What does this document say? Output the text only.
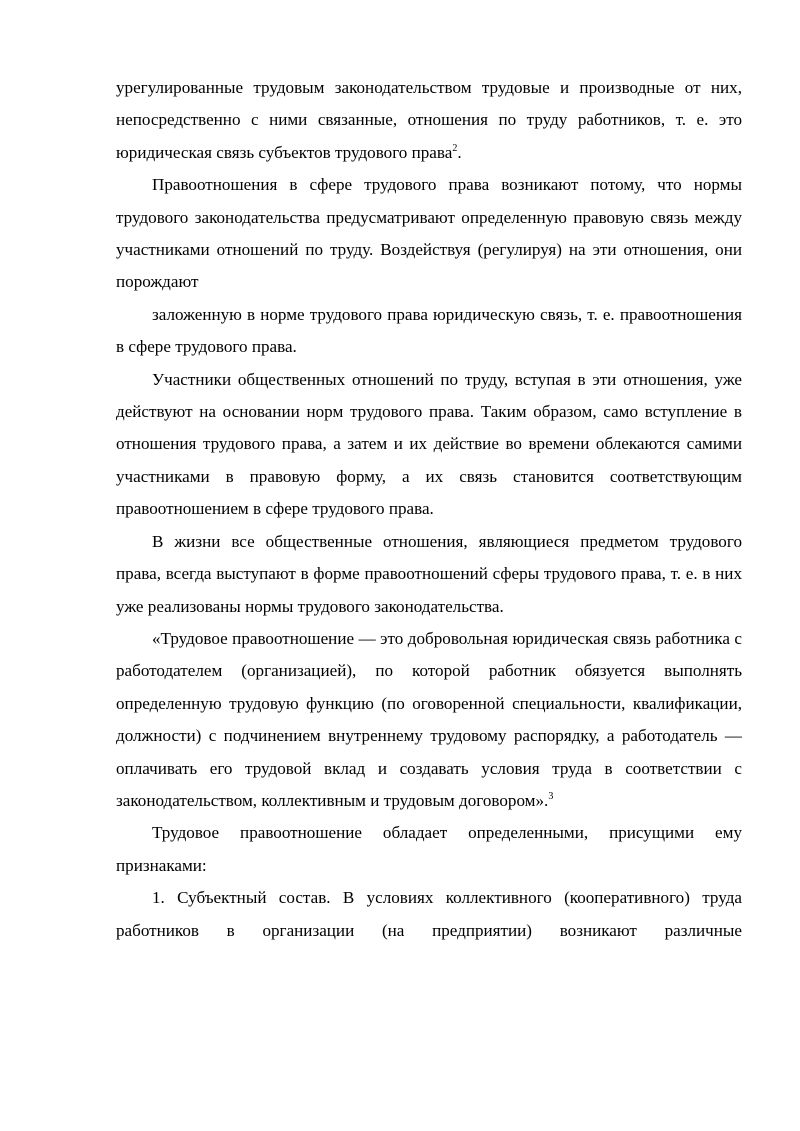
урегулированные трудовым законодательством трудовые и производные от них, непосредственно с ними связанные, отношения по труду работников, т. е. это юридическая связь субъектов трудового права$^2$.

Правоотношения в сфере трудового права возникают потому, что нормы трудового законодательства предусматривают определенную правовую связь между участниками отношений по труду. Воздействуя (регулируя) на эти отношения, они порождают

заложенную в норме трудового права юридическую связь, т. е. правоотношения в сфере трудового права.

Участники общественных отношений по труду, вступая в эти отношения, уже действуют на основании норм трудового права. Таким образом, само вступление в отношения трудового права, а затем и их действие во времени облекаются самими участниками в правовую форму, а их связь становится соответствующим правоотношением в сфере трудового права.

В жизни все общественные отношения, являющиеся предметом трудового права, всегда выступают в форме правоотношений сферы трудового права, т. е. в них уже реализованы нормы трудового законодательства.

«Трудовое правоотношение — это добровольная юридическая связь работника с работодателем (организацией), по которой работник обязуется выполнять определенную трудовую функцию (по оговоренной специальности, квалификации, должности) с подчинением внутреннему трудовому распорядку, а работодатель — оплачивать его трудовой вклад и создавать условия труда в соответствии с законодательством, коллективным и трудовым договором».$^3$

Трудовое правоотношение обладает определенными, присущими ему признаками:

1. Субъектный состав. В условиях коллективного (кооперативного) труда работников в организации (на предприятии) возникают различные
